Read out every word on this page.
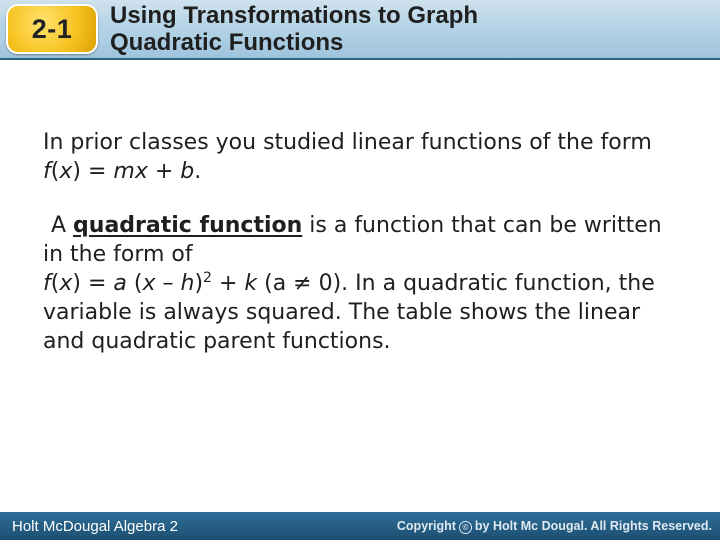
2-1 Using Transformations to Graph
Quadratic Functions

In prior classes you studied linear functions of the form f(x) = mx + b.

A quadratic function is a function that can be written in the form of
f(x) = a (x – h)$^2$ + k (a ≠ 0). In a quadratic function, the variable is always squared. The table shows the linear and quadratic parent functions.

Holt McDougal Algebra 2	Copyright © by Holt Mc Dougal. All Rights Reserved.
